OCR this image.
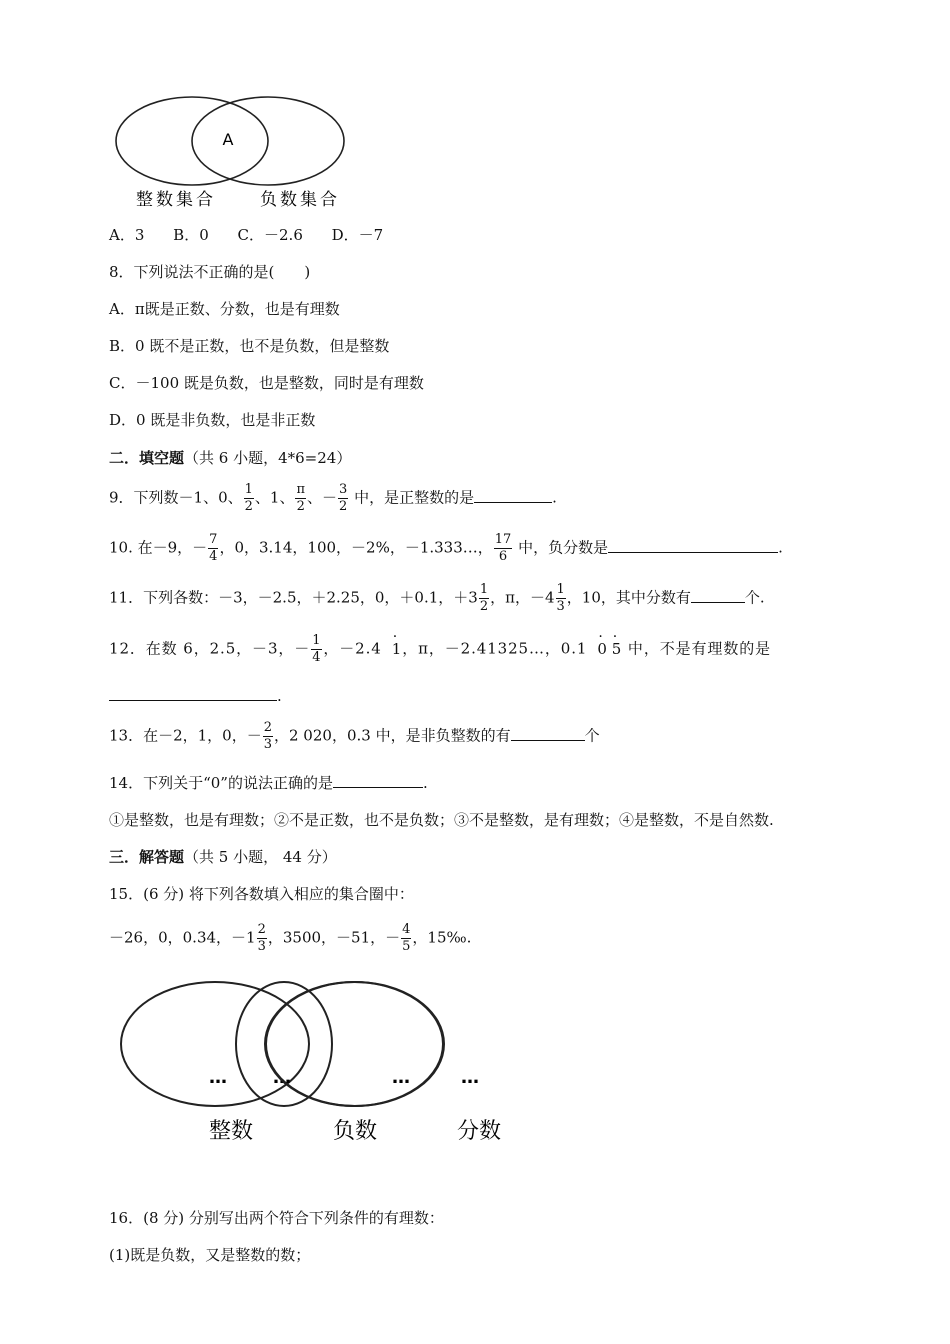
A
整数集合	负数集合
A．3 B．0 C．－2.6 D．－7
8．下列说法不正确的是(　　)
A．π既是正数、分数，也是有理数
B．0 既不是正数，也不是负数，但是整数
C．－100 既是负数，也是整数，同时是有理数
D．0 既是非负数，也是非正数
二．填空题（共 6 小题，4*6=24）
9．下列数－1、0、 $\frac{1}{2}$ 、1、 $\frac{\pi}{2}$ 、－ $\frac{3}{2}$ 中，是正整数的是	.
10. 在－9，－ $\frac{7}{4}$ ，0，3.14，100，－2%，－1.333…， $\frac{17}{6}$ 中，负分数是	.
11．下列各数：－3，－2.5，＋2.25，0，＋0.1，$+3 \frac{1}{2}$ ，π，$-4 \frac{1}{3}$ ，10，其中分数有	个.
12．在数 6，2.5，－3，－ $\frac{1}{4}$ ，－2.4 · 1，π，－2.41325…，0.1 · 0 · 5 中，不是有理数的是
.
13．在－2，1，0，－ $\frac{2}{3}$ ，2 020，0.3 中，是非负整数的有	个
14．下列关于“0”的说法正确的是	.
①是整数，也是有理数；②不是正数，也不是负数；③不是整数，是有理数；④是整数，不是自然数.
三．解答题（共 5 小题， 44 分）
15．(6 分) 将下列各数填入相应的集合圈中：
－26，0，0.34，$-1 \frac{2}{3}$ ，3500，－51，－ $\frac{4}{5}$ ，15‰.
…	…	…	…
整数	负数	分数
16．(8 分) 分别写出两个符合下列条件的有理数：
(1)既是负数，又是整数的数；
